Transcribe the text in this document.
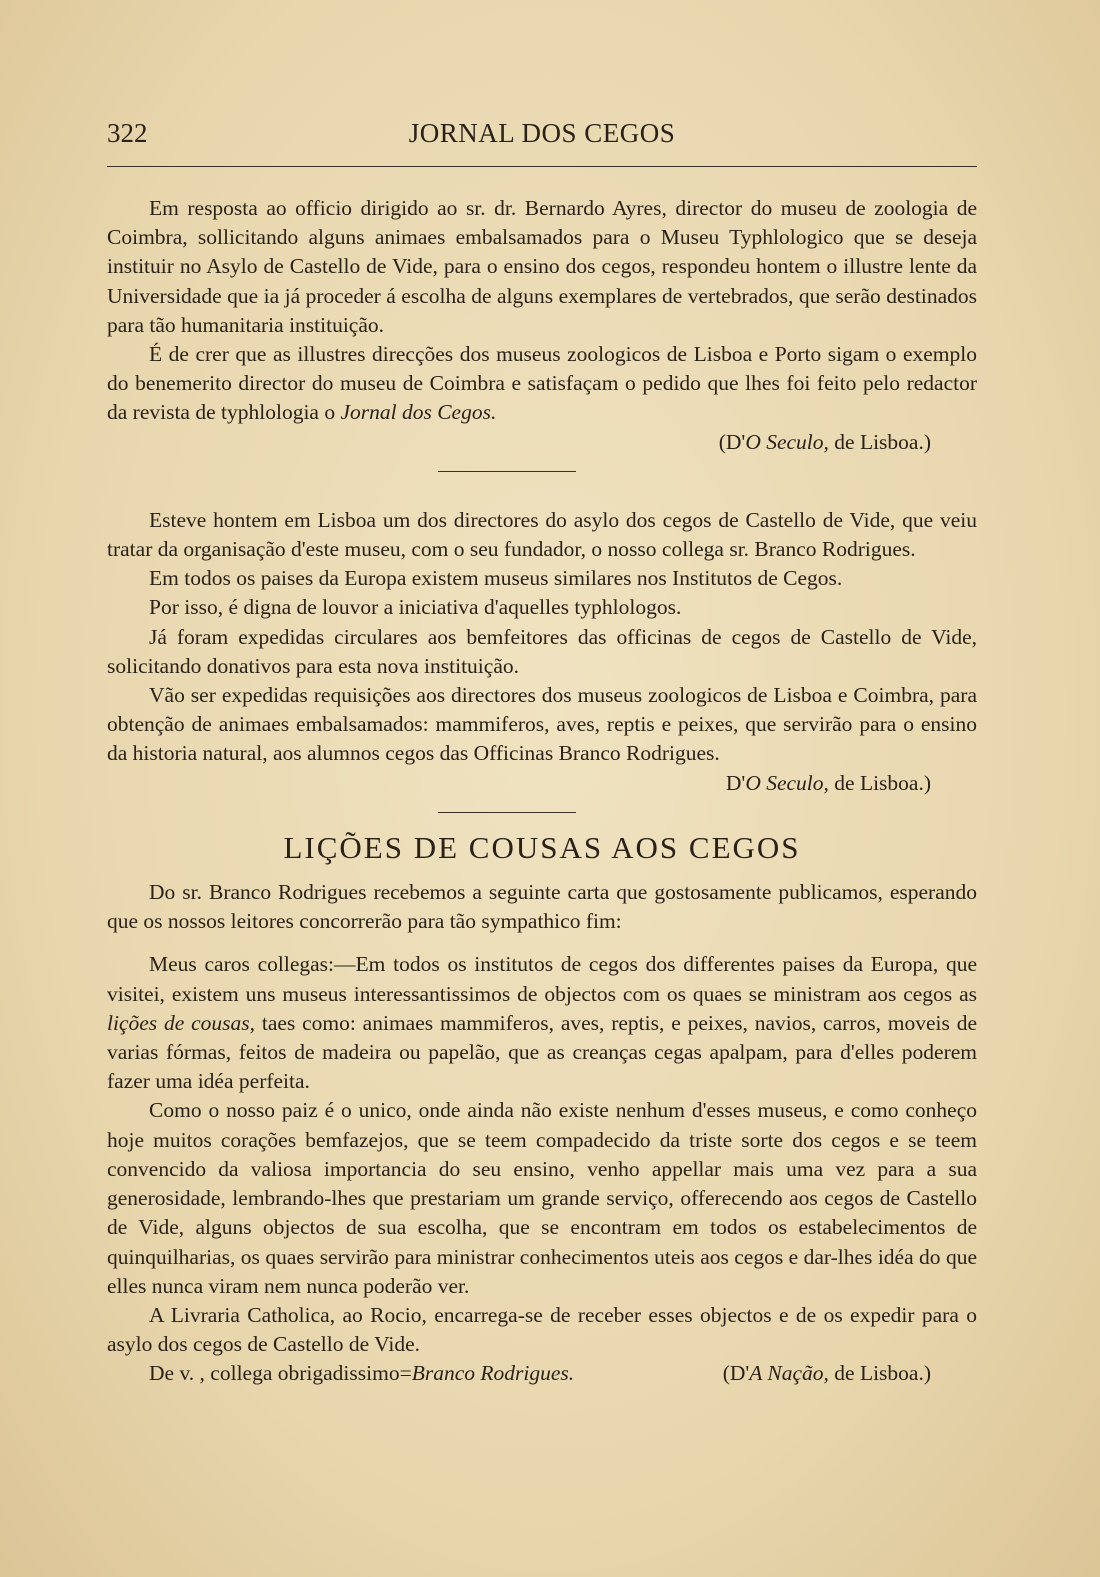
322	JORNAL DOS CEGOS

Em resposta ao officio dirigido ao sr. dr. Bernardo Ayres, director do museu de zoologia de Coimbra, sollicitando alguns animaes embalsamados para o Museu Typhlologico que se deseja instituir no Asylo de Castello de Vide, para o ensino dos cegos, respondeu hontem o illustre lente da Universidade que ia já proceder á escolha de alguns exemplares de vertebrados, que serão destinados para tão humanitaria instituição.

É de crer que as illustres direcções dos museus zoologicos de Lisboa e Porto sigam o exemplo do benemerito director do museu de Coimbra e satisfaçam o pedido que lhes foi feito pelo redactor da revista de typhlologia o Jornal dos Cegos.

(D'O Seculo, de Lisboa.)

Esteve hontem em Lisboa um dos directores do asylo dos cegos de Castello de Vide, que veiu tratar da organisação d'este museu, com o seu fundador, o nosso collega sr. Branco Rodrigues.

Em todos os paises da Europa existem museus similares nos Institutos de Cegos.

Por isso, é digna de louvor a iniciativa d'aquelles typhlologos.

Já foram expedidas circulares aos bemfeitores das officinas de cegos de Castello de Vide, solicitando donativos para esta nova instituição.

Vão ser expedidas requisições aos directores dos museus zoologicos de Lisboa e Coimbra, para obtenção de animaes embalsamados: mammiferos, aves, reptis e peixes, que servirão para o ensino da historia natural, aos alumnos cegos das Officinas Branco Rodrigues.

D'O Seculo, de Lisboa.)

LIÇÕES DE COUSAS AOS CEGOS

Do sr. Branco Rodrigues recebemos a seguinte carta que gostosamente publicamos, esperando que os nossos leitores concorrerão para tão sympathico fim:

Meus caros collegas:—Em todos os institutos de cegos dos differentes paises da Europa, que visitei, existem uns museus interessantissimos de objectos com os quaes se ministram aos cegos as lições de cousas, taes como: animaes mammiferos, aves, reptis, e peixes, navios, carros, moveis de varias fórmas, feitos de madeira ou papelão, que as creanças cegas apalpam, para d'elles poderem fazer uma idéa perfeita.

Como o nosso paiz é o unico, onde ainda não existe nenhum d'esses museus, e como conheço hoje muitos corações bemfazejos, que se teem compadecido da triste sorte dos cegos e se teem convencido da valiosa importancia do seu ensino, venho appellar mais uma vez para a sua generosidade, lembrando-lhes que prestariam um grande serviço, offerecendo aos cegos de Castello de Vide, alguns objectos de sua escolha, que se encontram em todos os estabelecimentos de quinquilharias, os quaes servirão para ministrar conhecimentos uteis aos cegos e dar-lhes idéa do que elles nunca viram nem nunca poderão ver.

A Livraria Catholica, ao Rocio, encarrega-se de receber esses objectos e de os expedir para o asylo dos cegos de Castello de Vide.

De v. , collega obrigadissimo=Branco Rodrigues.	(D'A Nação, de Lisboa.)
